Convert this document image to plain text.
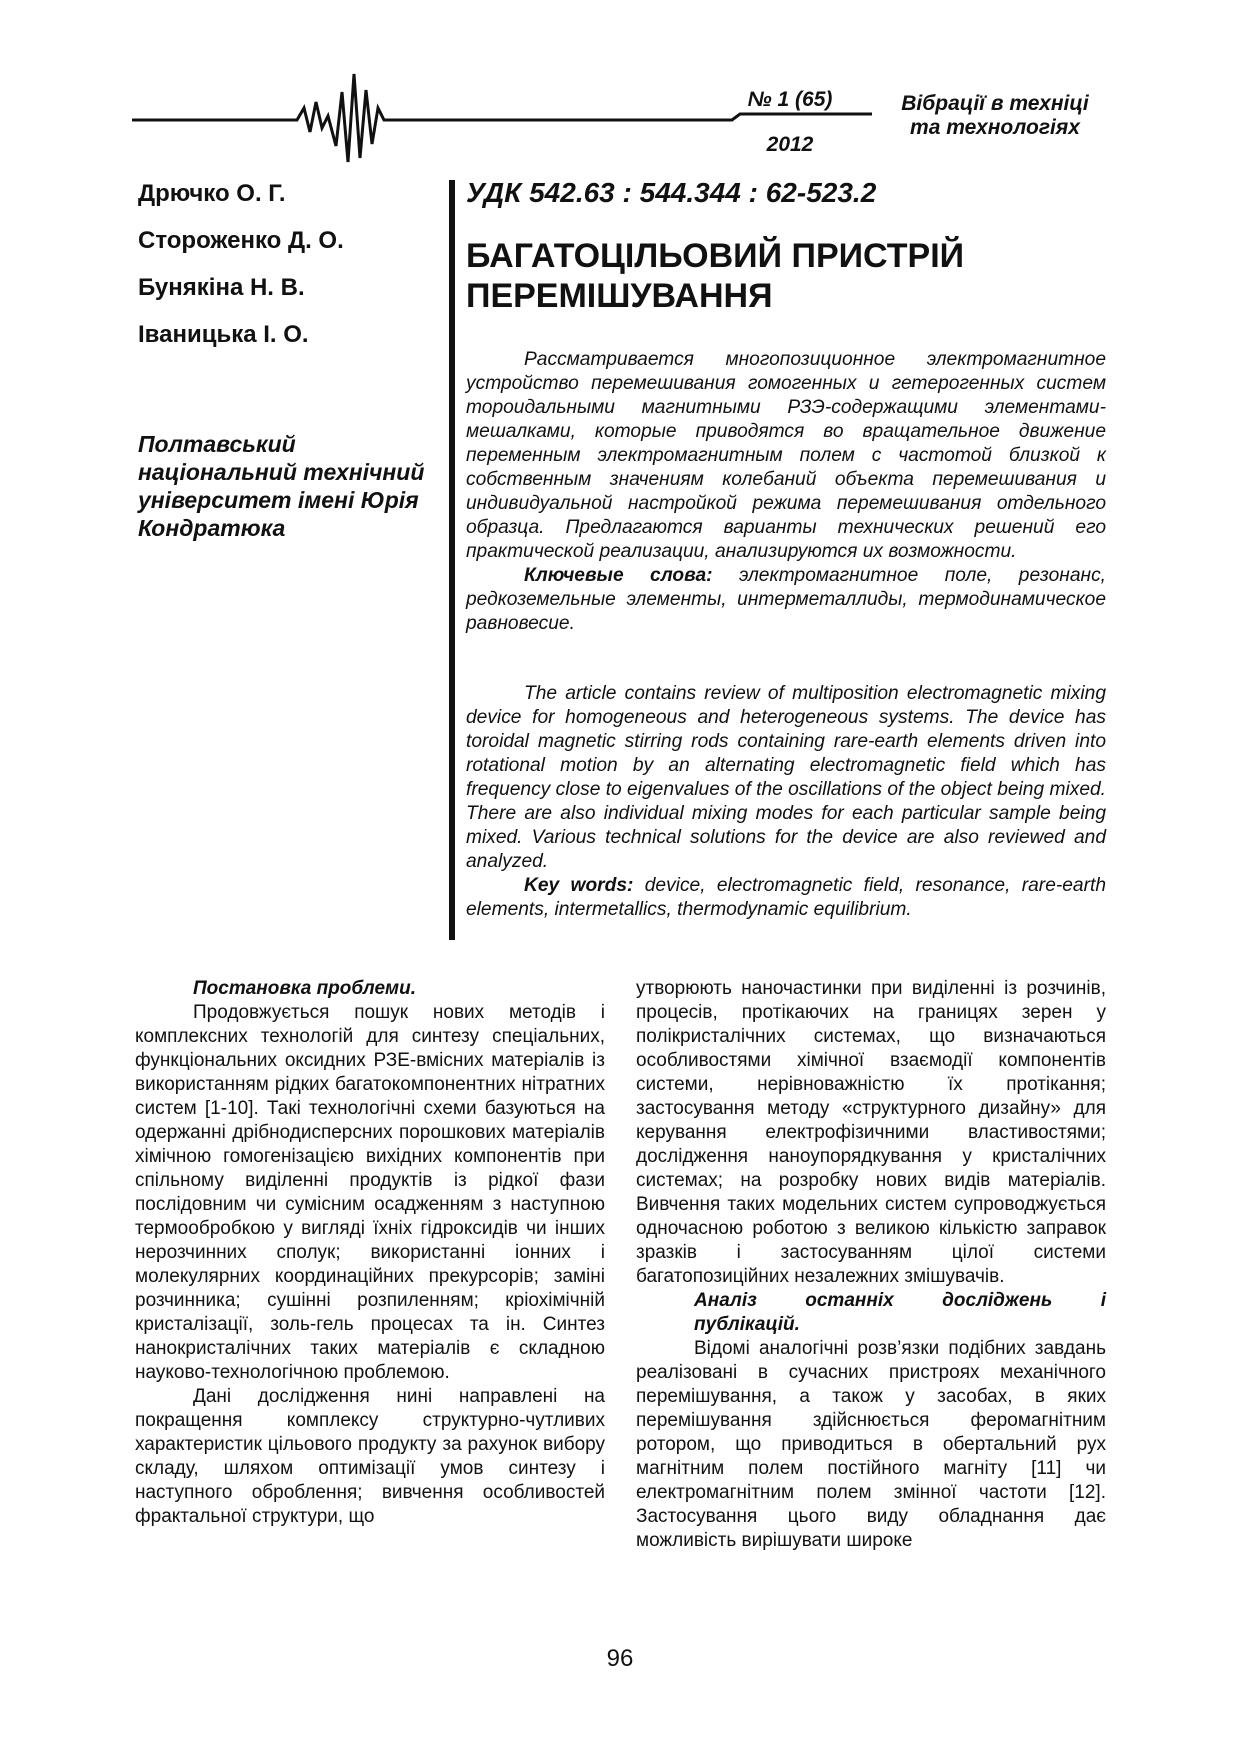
№ 1 (65)
2012
Вібрації в техніці
та технологіях
Дрючко О. Г.
Стороженко Д. О.
Бунякіна Н. В.
Іваницька І. О.
Полтавський національний технічний університет імені Юрія Кондратюка
УДК 542.63 : 544.344 : 62-523.2
БАГАТОЦІЛЬОВИЙ ПРИСТРІЙ ПЕРЕМІШУВАННЯ

Рассматривается многопозиционное электромагнитное устройство перемешивания гомогенных и гетерогенных систем тороидальными магнитными РЗЭ-содержащими элементами-мешалками, которые приводятся во вращательное движение переменным электромагнитным полем с частотой близкой к собственным значениям колебаний объекта перемешивания и индивидуальной настройкой режима перемешивания отдельного образца. Предлагаются варианты технических решений его практической реализации, анализируются их возможности.

Ключевые слова: электромагнитное поле, резонанс, редкоземельные элементы, интерметаллиды, термодинамическое равновесие.

The article contains review of multiposition electromagnetic mixing device for homogeneous and heterogeneous systems. The device has toroidal magnetic stirring rods containing rare-earth elements driven into rotational motion by an alternating electromagnetic field which has frequency close to eigenvalues of the oscillations of the object being mixed. There are also individual mixing modes for each particular sample being mixed. Various technical solutions for the device are also reviewed and analyzed.

Key words: device, electromagnetic field, resonance, rare-earth elements, intermetallics, thermodynamic equilibrium.

Постановка проблеми.

Продовжується пошук нових методів і комплексних технологій для синтезу спеціальних, функціональних оксидних РЗЕ-вмісних матеріалів із використанням рідких багатокомпонентних нітратних систем [1-10]. Такі технологічні схеми базуються на одержанні дрібнодисперсних порошкових матеріалів хімічною гомогенізацією вихідних компонентів при спільному виділенні продуктів із рідкої фази послідовним чи сумісним осадженням з наступною термообробкою у вигляді їхніх гідроксидів чи інших нерозчинних сполук; використанні іонних і молекулярних координаційних прекурсорів; заміні розчинника; сушінні розпиленням; кріохімічній кристалізації, золь-гель процесах та ін. Синтез нанокристалічних таких матеріалів є складною науково-технологічною проблемою.

Дані дослідження нині направлені на покращення комплексу структурно-чутливих характеристик цільового продукту за рахунок вибору складу, шляхом оптимізації умов синтезу і наступного оброблення; вивчення особливостей фрактальної структури, що

утворюють наночастинки при виділенні із розчинів, процесів, протікаючих на границях зерен у полікристалічних системах, що визначаються особливостями хімічної взаємодії компонентів системи, нерівноважністю їх протікання; застосування методу «структурного дизайну» для керування електрофізичними властивостями; дослідження наноупорядкування у кристалічних системах; на розробку нових видів матеріалів. Вивчення таких модельних систем супроводжується одночасною роботою з великою кількістю заправок зразків і застосуванням цілої системи багатопозиційних незалежних змішувачів.

Аналіз останніх досліджень і

публікацій.

Відомі аналогічні розв’язки подібних завдань реалізовані в сучасних пристроях механічного перемішування, а також у засобах, в яких перемішування здійснюється феромагнітним ротором, що приводиться в обертальний рух магнітним полем постійного магніту [11] чи електромагнітним полем змінної частоти [12]. Застосування цього виду обладнання дає можливість вирішувати широке

96
